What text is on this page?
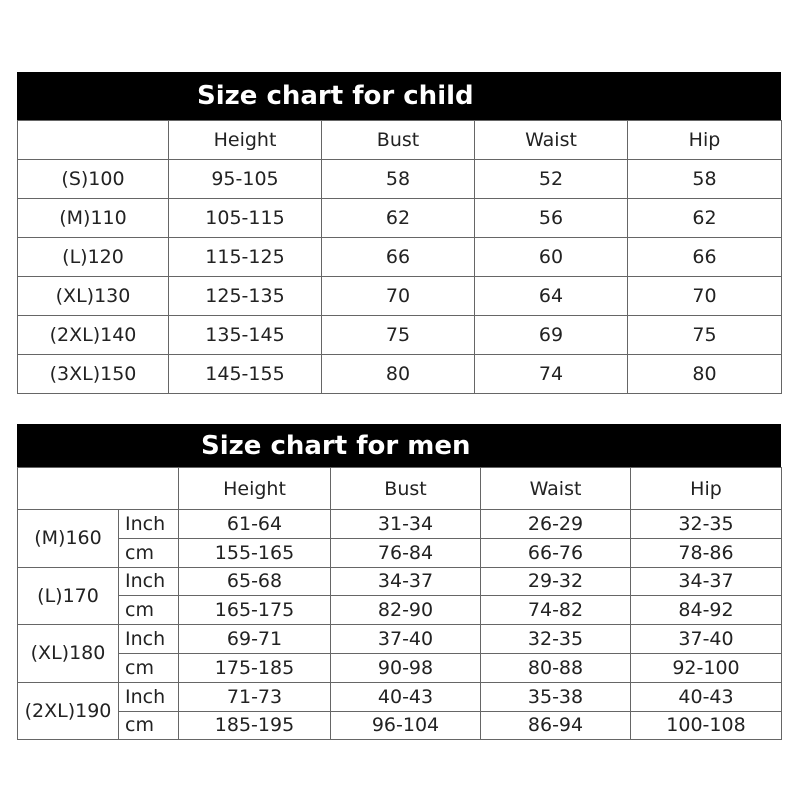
Size chart for child
	Height	Bust	Waist	Hip
(S)100	95-105	58	52	58
(M)110	105-115	62	56	62
(L)120	115-125	66	60	66
(XL)130	125-135	70	64	70
(2XL)140	135-145	75	69	75
(3XL)150	145-155	80	74	80
Size chart for men
		Height	Bust	Waist	Hip
(M)160	Inch	61-64	31-34	26-29	32-35
	cm	155-165	76-84	66-76	78-86
(L)170	Inch	65-68	34-37	29-32	34-37
	cm	165-175	82-90	74-82	84-92
(XL)180	Inch	69-71	37-40	32-35	37-40
	cm	175-185	90-98	80-88	92-100
(2XL)190	Inch	71-73	40-43	35-38	40-43
	cm	185-195	96-104	86-94	100-108
